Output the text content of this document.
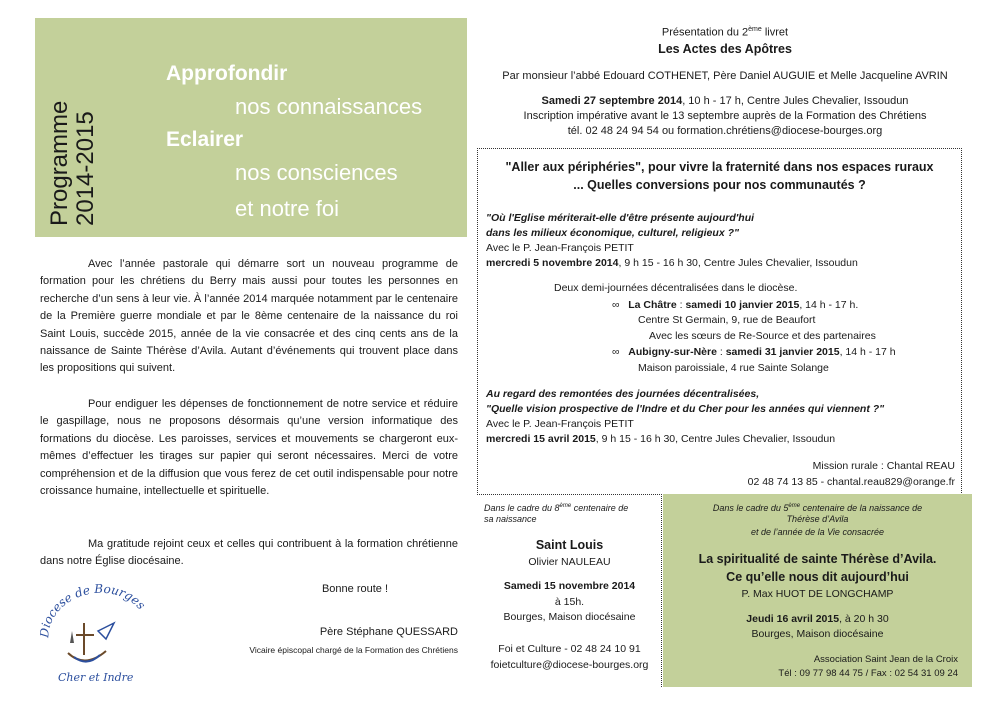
Programme 2014-2015
Approfondir
nos connaissances
Eclairer
nos consciences
et notre foi
Avec l’année pastorale qui démarre sort un nouveau programme de formation pour les chrétiens du Berry mais aussi pour toutes les personnes en recherche d’un sens à leur vie. À l’année 2014 marquée notamment par le centenaire de la Première guerre mondiale et par le 8ème centenaire de la naissance du roi Saint Louis, succède 2015, année de la vie consacrée et des cinq cents ans de la naissance de Sainte Thérèse d’Avila. Autant d’événements qui trouvent place dans les propositions qui suivent.
Pour endiguer les dépenses de fonctionnement de notre service et réduire le gaspillage, nous ne proposons désormais qu’une version informatique des formations du diocèse. Les paroisses, services et mouvements se chargeront eux-mêmes d’effectuer les tirages sur papier qui seront nécessaires. Merci de votre compréhension et de la diffusion que vous ferez de cet outil indispensable pour notre croissance humaine, intellectuelle et spirituelle.
Ma gratitude rejoint ceux et celles qui contribuent à la formation chrétienne dans notre Église diocésaine.
Bonne route !
Père Stéphane QUESSARD
Vicaire épiscopal chargé de la Formation des Chrétiens
Diocese de Bourges
Cher et Indre
Présentation du 2ème livret
Les Actes des Apôtres
Par monsieur l’abbé Edouard COTHENET, Père Daniel AUGUIE et Melle Jacqueline AVRIN
Samedi 27 septembre 2014, 10 h - 17 h, Centre Jules Chevalier, Issoudun
Inscription impérative avant le 13 septembre auprès de la Formation des Chrétiens
tél. 02 48 24 94 54 ou formation.chrétiens@diocese-bourges.org
"Aller aux périphéries", pour vivre la fraternité dans nos espaces ruraux
... Quelles conversions pour nos communautés ?
"Où l'Eglise mériterait-elle d'être présente aujourd'hui
dans les milieux économique, culturel, religieux ?"
Avec le P. Jean-François PETIT
mercredi 5 novembre 2014, 9 h 15 - 16 h 30, Centre Jules Chevalier, Issoudun
Deux demi-journées décentralisées dans le diocèse.
∞ La Châtre : samedi 10 janvier 2015, 14 h - 17 h.
Centre St Germain, 9, rue de Beaufort
Avec les sœurs de Re-Source et des partenaires
∞ Aubigny-sur-Nère : samedi 31 janvier 2015, 14 h - 17 h
Maison paroissiale, 4 rue Sainte Solange
Au regard des remontées des journées décentralisées,
"Quelle vision prospective de l'Indre et du Cher pour les années qui viennent ?"
Avec le P. Jean-François PETIT
mercredi 15 avril 2015, 9 h 15 - 16 h 30, Centre Jules Chevalier, Issoudun
Mission rurale : Chantal REAU
02 48 74 13 85 - chantal.reau829@orange.fr
Dans le cadre du 8ème centenaire de
sa naissance
Saint Louis
Olivier NAULEAU
Samedi 15 novembre 2014
à 15h.
Bourges, Maison diocésaine
Foi et Culture - 02 48 24 10 91
foietculture@diocese-bourges.org
Dans le cadre du 5ème centenaire de la naissance de
Thérèse d’Avila
et de l’année de la Vie consacrée
La spiritualité de sainte Thérèse d’Avila.
Ce qu’elle nous dit aujourd’hui
P. Max HUOT DE LONGCHAMP
Jeudi 16 avril 2015, à 20 h 30
Bourges, Maison diocésaine
Association Saint Jean de la Croix
Tél : 09 77 98 44 75 / Fax : 02 54 31 09 24
